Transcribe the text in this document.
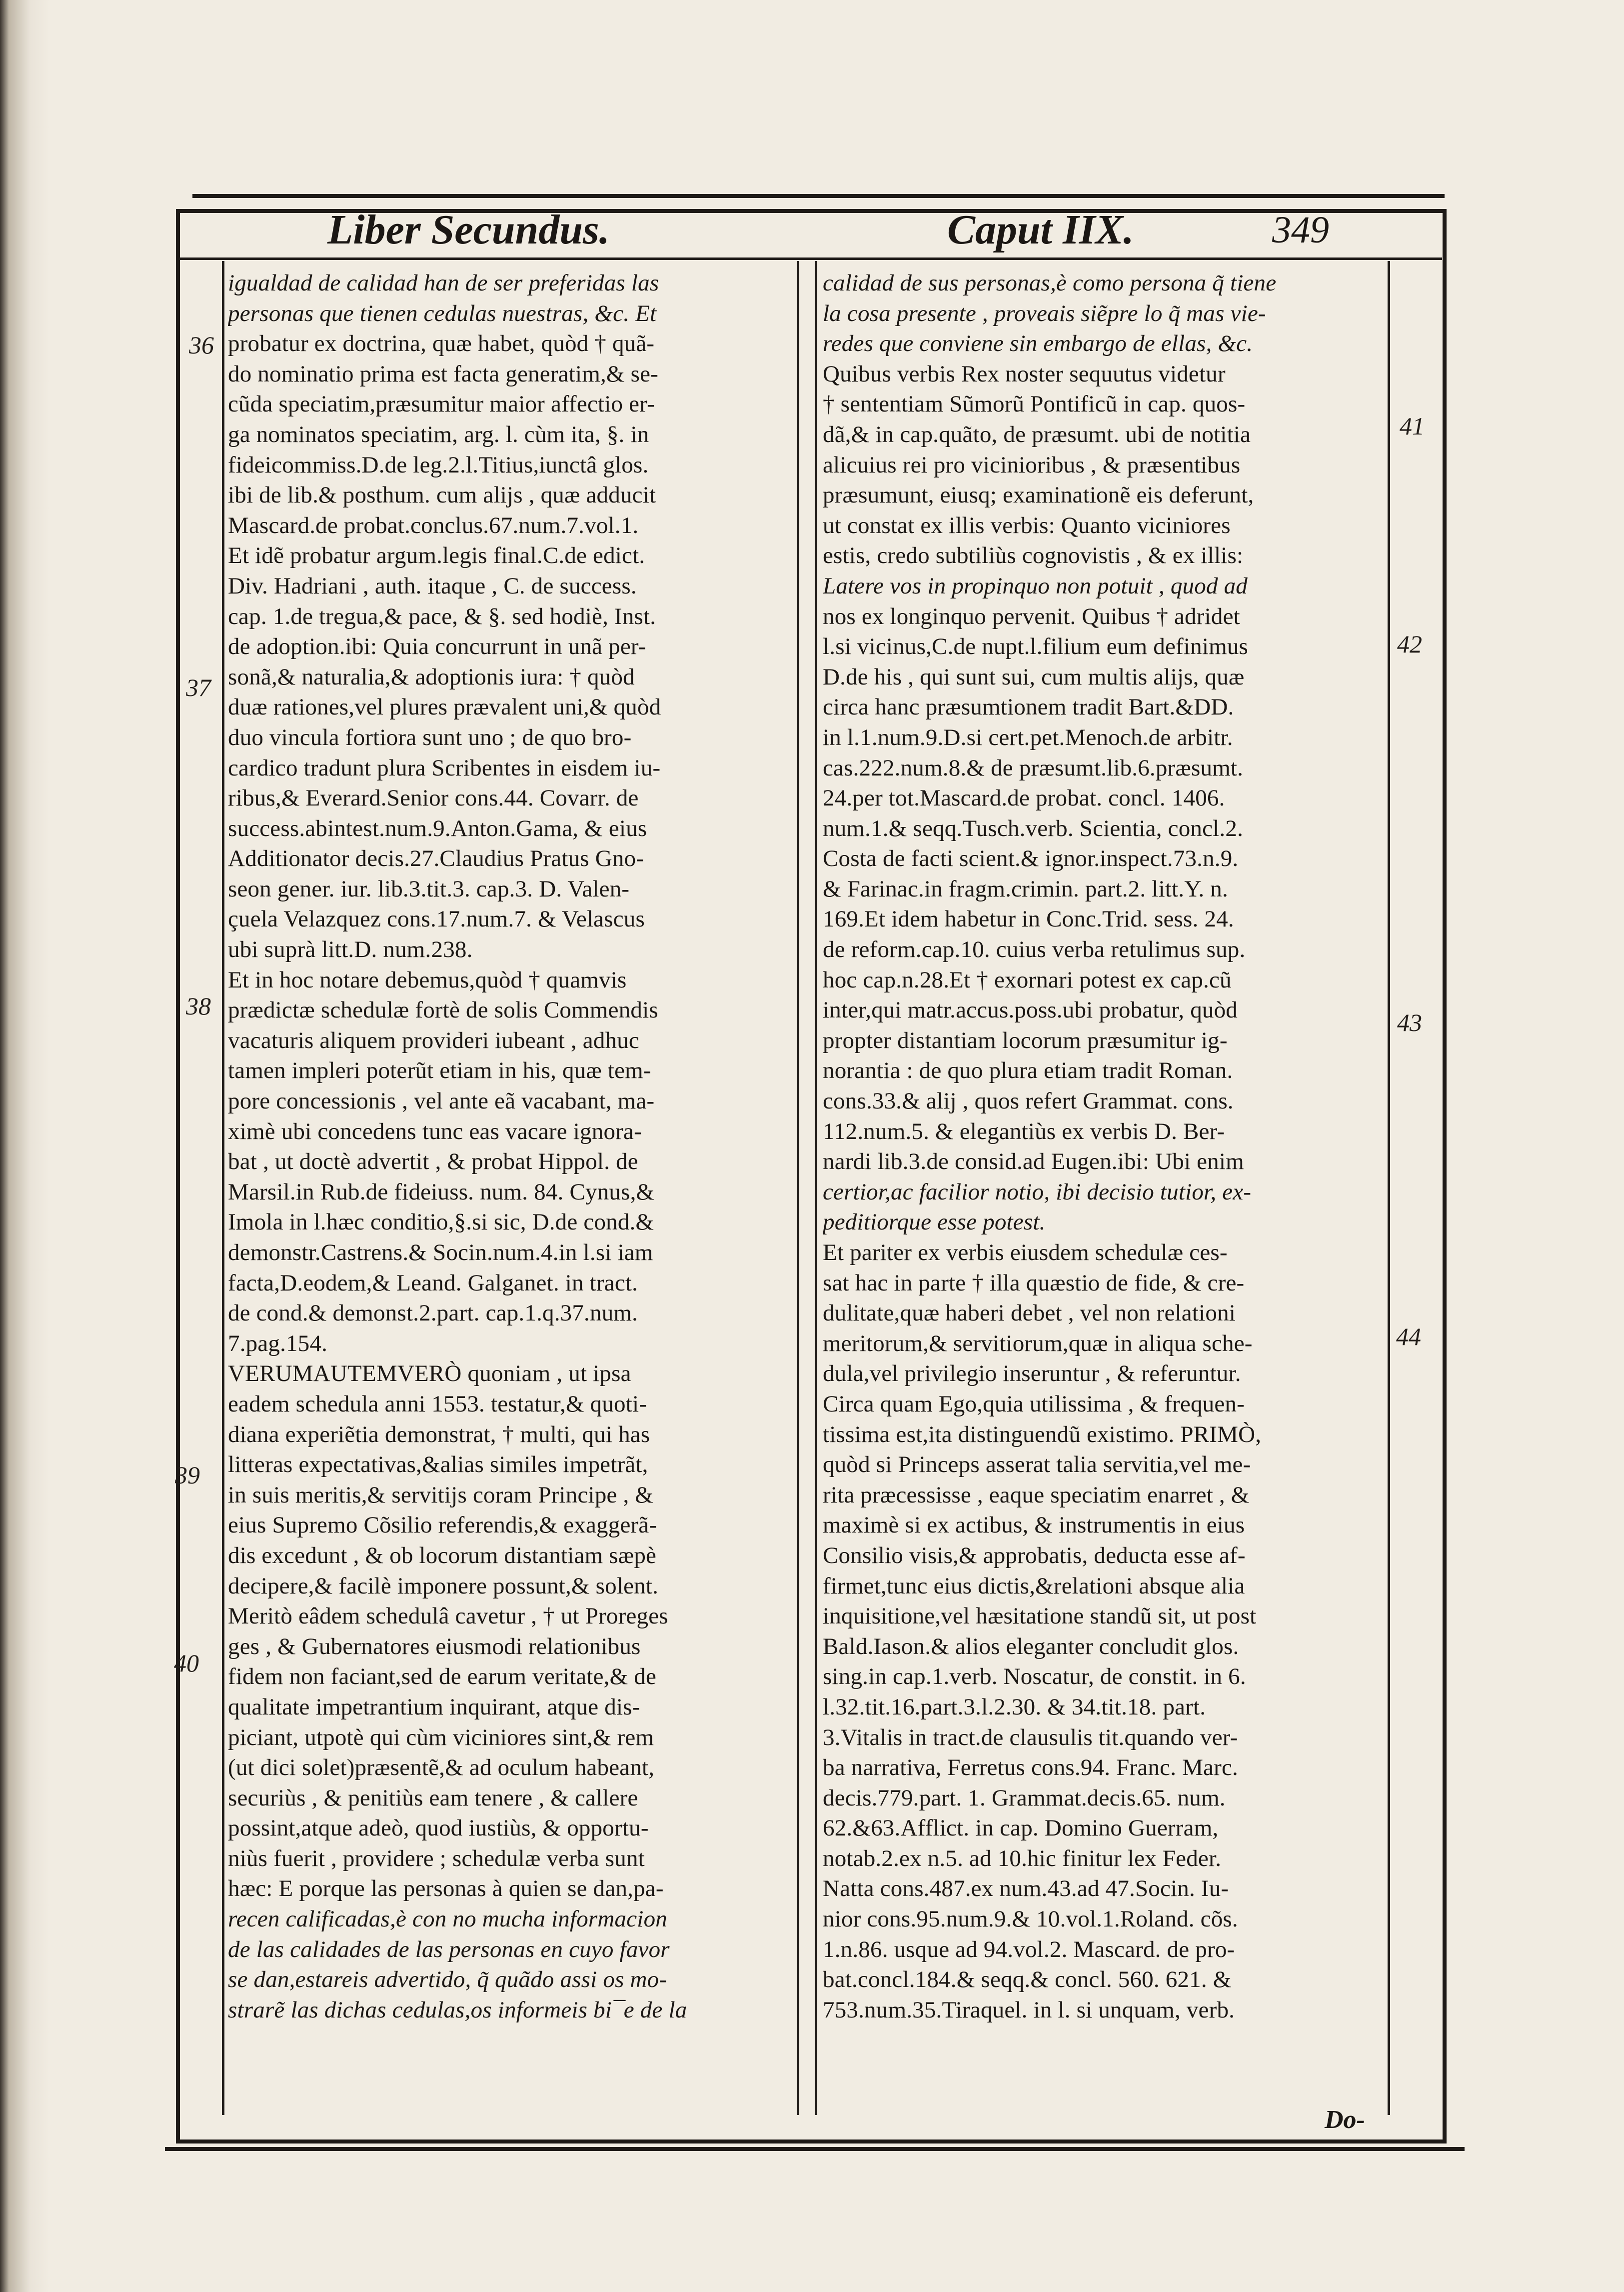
Liber Secundus.	Caput IIX.	349
igualdad de calidad han de ser preferidas las
personas que tienen cedulas nuestras, &c. Et
probatur ex doctrina, quæ habet, quòd † quã-
do nominatio prima est facta generatim,& se-
cũda speciatim,præsumitur maior affectio er-
ga nominatos speciatim, arg. l. cùm ita, §. in
fideicommiss.D.de leg.2.l.Titius,iunctâ glos.
ibi de lib.& posthum. cum alijs , quæ adducit
Mascard.de probat.conclus.67.num.7.vol.1.
Et idẽ probatur argum.legis final.C.de edict.
Div. Hadriani , auth. itaque , C. de success.
cap. 1.de tregua,& pace, & §. sed hodiè, Inst.
de adoption.ibi: Quia concurrunt in unã per-
sonã,& naturalia,& adoptionis iura: † quòd
duæ rationes,vel plures prævalent uni,& quòd
duo vincula fortiora sunt uno ; de quo bro-
cardico tradunt plura Scribentes in eisdem iu-
ribus,& Everard.Senior cons.44. Covarr. de
success.abintest.num.9.Anton.Gama, & eius
Additionator decis.27.Claudius Pratus Gno-
seon gener. iur. lib.3.tit.3. cap.3. D. Valen-
çuela Velazquez cons.17.num.7. & Velascus
ubi suprà litt.D. num.238.
Et in hoc notare debemus,quòd † quamvis
prædictæ schedulæ fortè de solis Commendis
vacaturis aliquem provideri iubeant , adhuc
tamen impleri poterũt etiam in his, quæ tem-
pore concessionis , vel ante eã vacabant, ma-
ximè ubi concedens tunc eas vacare ignora-
bat , ut doctè advertit , & probat Hippol. de
Marsil.in Rub.de fideiuss. num. 84. Cynus,&
Imola in l.hæc conditio,§.si sic, D.de cond.&
demonstr.Castrens.& Socin.num.4.in l.si iam
facta,D.eodem,& Leand. Galganet. in tract.
de cond.& demonst.2.part. cap.1.q.37.num.
7.pag.154.
VERUMAUTEMVERÒ quoniam , ut ipsa
eadem schedula anni 1553. testatur,& quoti-
diana experiẽtia demonstrat, † multi, qui has
litteras expectativas,&alias similes impetrãt,
in suis meritis,& servitijs coram Principe , &
eius Supremo Cõsilio referendis,& exaggerã-
dis excedunt , & ob locorum distantiam sæpè
decipere,& facilè imponere possunt,& solent.
Meritò eâdem schedulâ cavetur , † ut Proreges
ges , & Gubernatores eiusmodi relationibus
fidem non faciant,sed de earum veritate,& de
qualitate impetrantium inquirant, atque dis-
piciant, utpotè qui cùm viciniores sint,& rem
(ut dici solet)præsentẽ,& ad oculum habeant,
securiùs , & penitiùs eam tenere , & callere
possint,atque adeò, quod iustiùs, & opportu-
niùs fuerit , providere ; schedulæ verba sunt
hæc: E porque las personas à quien se dan,pa-
recen calificadas,è con no mucha informacion
de las calidades de las personas en cuyo favor
se dan,estareis advertido, q̃ quãdo assi os mo-
strarẽ las dichas cedulas,os informeis bi¯e de la
calidad de sus personas,è como persona q̃ tiene
la cosa presente , proveais siẽpre lo q̃ mas vie-
redes que conviene sin embargo de ellas, &c.
Quibus verbis Rex noster sequutus videtur
† sententiam Sũmorũ Pontificũ in cap. quos-
dã,& in cap.quãto, de præsumt. ubi de notitia
alicuius rei pro vicinioribus , & præsentibus
præsumunt, eiusq; examinationẽ eis deferunt,
ut constat ex illis verbis: Quanto viciniores
estis, credo subtiliùs cognovistis , & ex illis:
Latere vos in propinquo non potuit , quod ad
nos ex longinquo pervenit. Quibus † adridet
l.si vicinus,C.de nupt.l.filium eum definimus
D.de his , qui sunt sui, cum multis alijs, quæ
circa hanc præsumtionem tradit Bart.&DD.
in l.1.num.9.D.si cert.pet.Menoch.de arbitr.
cas.222.num.8.& de præsumt.lib.6.præsumt.
24.per tot.Mascard.de probat. concl. 1406.
num.1.& seqq.Tusch.verb. Scientia, concl.2.
Costa de facti scient.& ignor.inspect.73.n.9.
& Farinac.in fragm.crimin. part.2. litt.Y. n.
169.Et idem habetur in Conc.Trid. sess. 24.
de reform.cap.10. cuius verba retulimus sup.
hoc cap.n.28.Et † exornari potest ex cap.cũ
inter,qui matr.accus.poss.ubi probatur, quòd
propter distantiam locorum præsumitur ig-
norantia : de quo plura etiam tradit Roman.
cons.33.& alij , quos refert Grammat. cons.
112.num.5. & elegantiùs ex verbis D. Ber-
nardi lib.3.de consid.ad Eugen.ibi: Ubi enim
certior,ac facilior notio, ibi decisio tutior, ex-
peditiorque esse potest.
Et pariter ex verbis eiusdem schedulæ ces-
sat hac in parte † illa quæstio de fide, & cre-
dulitate,quæ haberi debet , vel non relationi
meritorum,& servitiorum,quæ in aliqua sche-
dula,vel privilegio inseruntur , & referuntur.
Circa quam Ego,quia utilissima , & frequen-
tissima est,ita distinguendũ existimo. PRIMÒ,
quòd si Princeps asserat talia servitia,vel me-
rita præcessisse , eaque speciatim enarret , &
maximè si ex actibus, & instrumentis in eius
Consilio visis,& approbatis, deducta esse af-
firmet,tunc eius dictis,&relationi absque alia
inquisitione,vel hæsitatione standũ sit, ut post
Bald.Iason.& alios eleganter concludit glos.
sing.in cap.1.verb. Noscatur, de constit. in 6.
l.32.tit.16.part.3.l.2.30. & 34.tit.18. part.
3.Vitalis in tract.de clausulis tit.quando ver-
ba narrativa, Ferretus cons.94. Franc. Marc.
decis.779.part. 1. Grammat.decis.65. num.
62.&63.Afflict. in cap. Domino Guerram,
notab.2.ex n.5. ad 10.hic finitur lex Feder.
Natta cons.487.ex num.43.ad 47.Socin. Iu-
nior cons.95.num.9.& 10.vol.1.Roland. cõs.
1.n.86. usque ad 94.vol.2. Mascard. de pro-
bat.concl.184.& seqq.& concl. 560. 621. &
753.num.35.Tiraquel. in l. si unquam, verb.
36
37
38
39
40
41
42
43
44
Do-
